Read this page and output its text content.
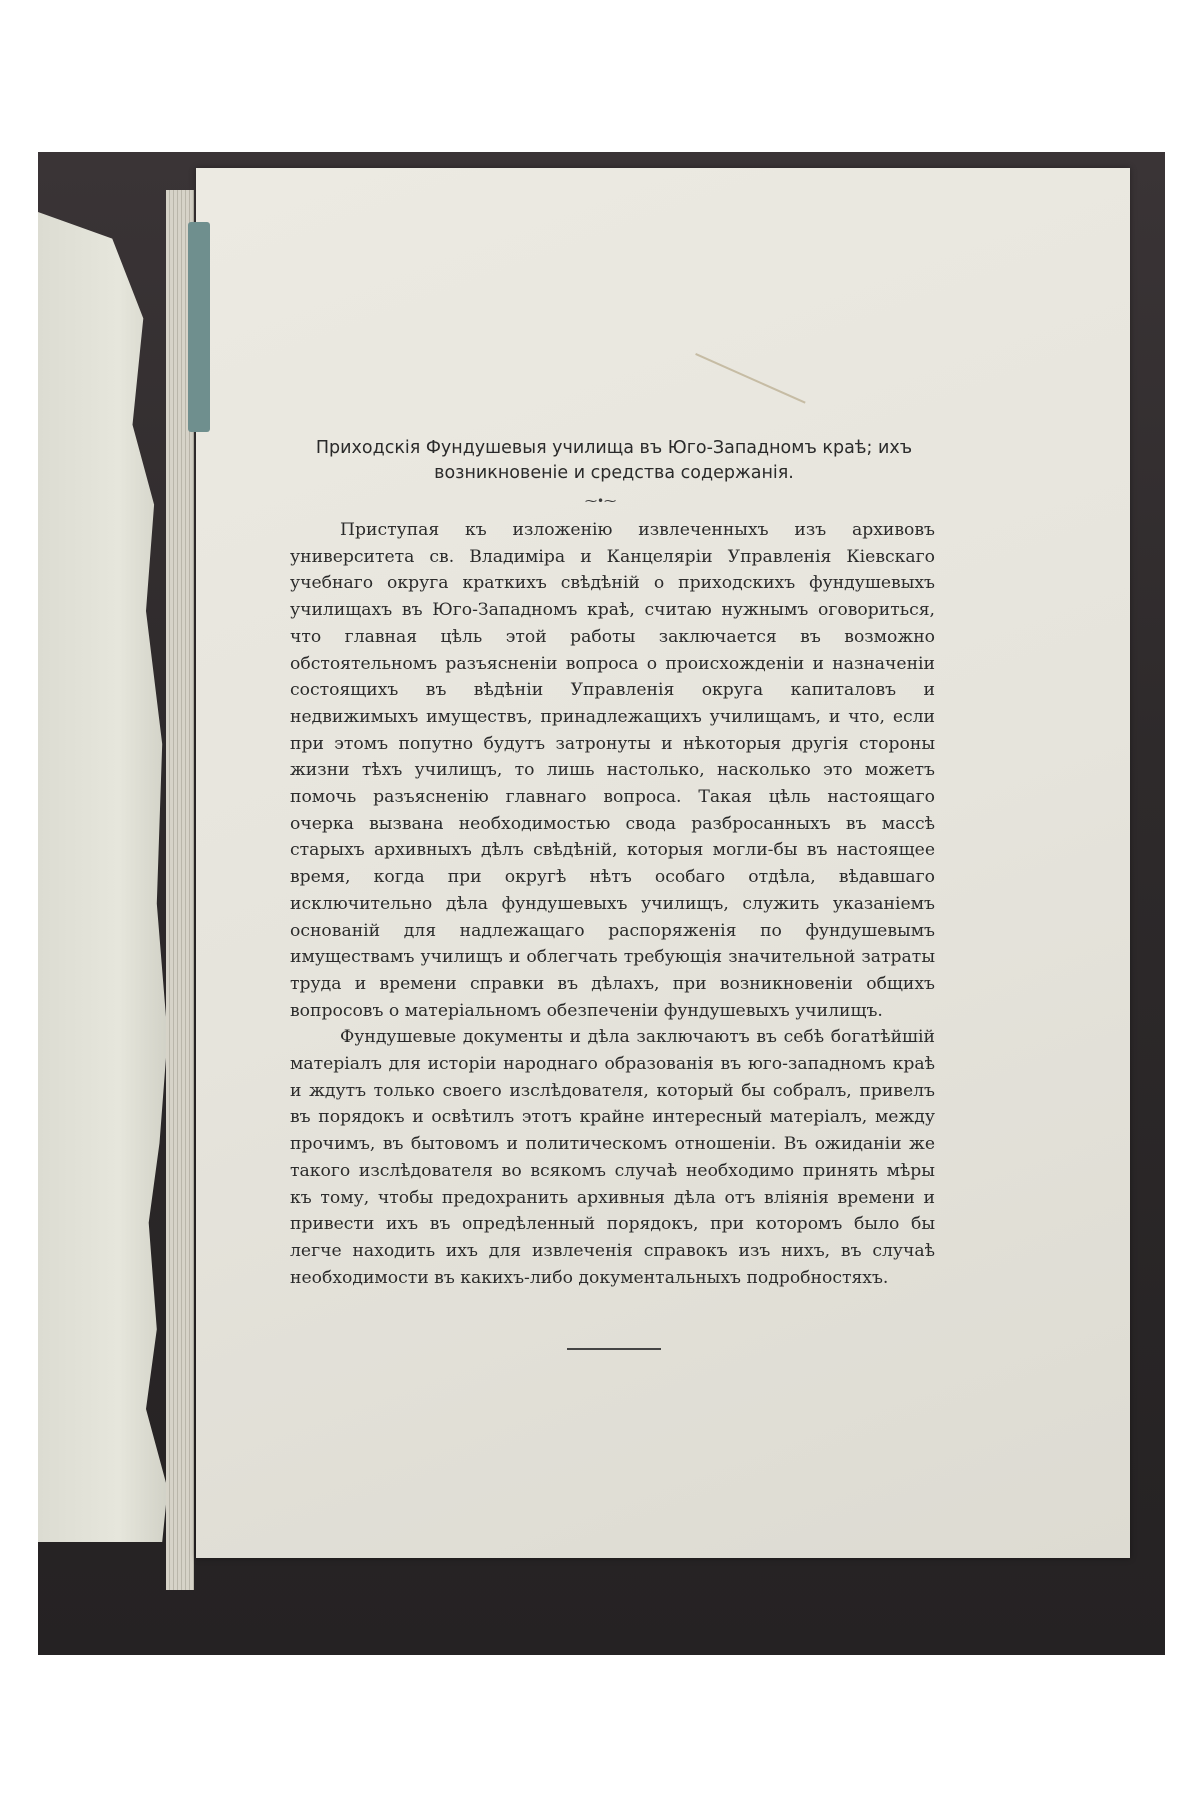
Приходскія Фундушевыя училища въ Юго-Западномъ краѣ; ихъ возникновеніе и средства содержанія.
⁓•⁓

Приступая къ изложенію извлеченныхъ изъ архивовъ университета св. Владиміра и Канцеляріи Управленія Кіевскаго учебнаго округа краткихъ свѣдѣній о приходскихъ фундушевыхъ училищахъ въ Юго-Западномъ краѣ, считаю нужнымъ оговориться, что главная цѣль этой работы заключается въ возможно обстоятельномъ разъясненіи вопроса о происхожденіи и назначеніи состоящихъ въ вѣдѣніи Управленія округа капиталовъ и недвижимыхъ имуществъ, принадлежащихъ училищамъ, и что, если при этомъ попутно будутъ затронуты и нѣкоторыя другія стороны жизни тѣхъ училищъ, то лишь настолько, насколько это можетъ помочь разъясненію главнаго вопроса. Такая цѣль настоящаго очерка вызвана необходимостью свода разбросанныхъ въ массѣ старыхъ архивныхъ дѣлъ свѣдѣній, которыя могли-бы въ настоящее время, когда при округѣ нѣтъ особаго отдѣла, вѣдавшаго исключительно дѣла фундушевыхъ училищъ, служить указаніемъ основаній для надлежащаго распоряженія по фундушевымъ имуществамъ училищъ и облегчать требующія значительной затраты труда и времени справки въ дѣлахъ, при возникновеніи общихъ вопросовъ о матеріальномъ обезпеченіи фундушевыхъ училищъ.

Фундушевые документы и дѣла заключаютъ въ себѣ богатѣйшій матеріалъ для исторіи народнаго образованія въ юго-западномъ краѣ и ждутъ только своего изслѣдователя, который бы собралъ, привелъ въ порядокъ и освѣтилъ этотъ крайне интересный матеріалъ, между прочимъ, въ бытовомъ и политическомъ отношеніи. Въ ожиданіи же такого изслѣдователя во всякомъ случаѣ необходимо принять мѣры къ тому, чтобы предохранить архивныя дѣла отъ вліянія времени и привести ихъ въ опредѣленный порядокъ, при которомъ было бы легче находить ихъ для извлеченія справокъ изъ нихъ, въ случаѣ необходимости въ какихъ-либо документальныхъ подробностяхъ.
